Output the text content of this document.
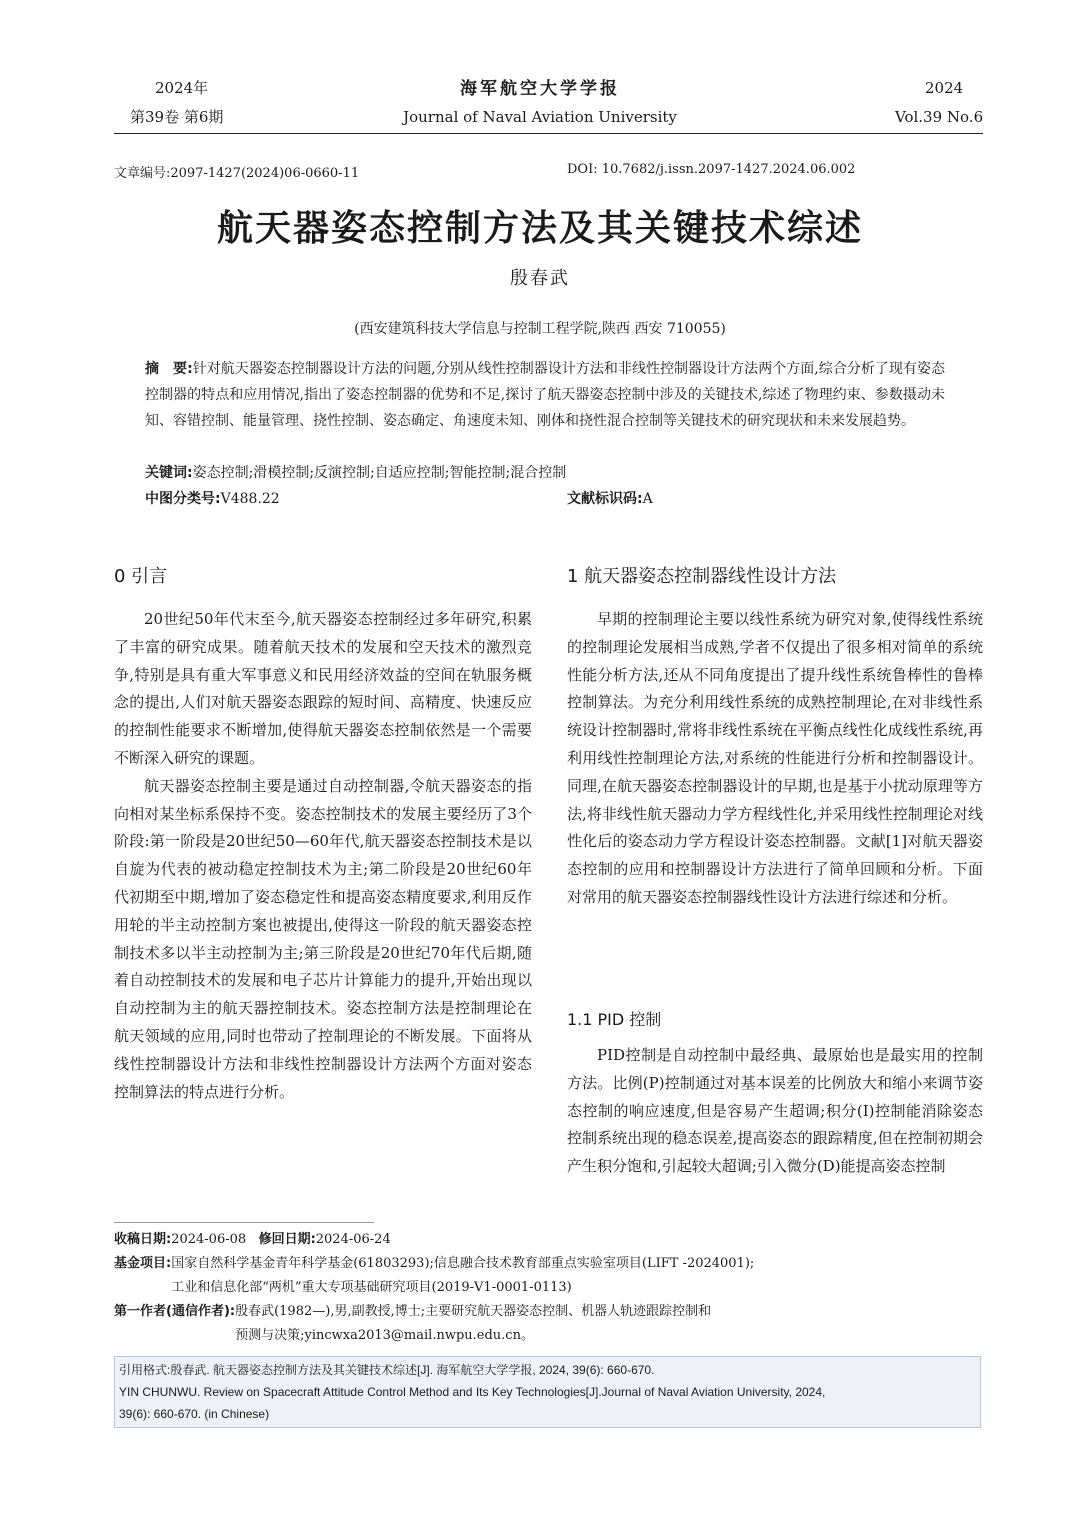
2024年
第39卷 第6期
海军航空大学学报
Journal of Naval Aviation University
2024
Vol.39 No.6
文章编号:2097-1427(2024)06-0660-11	DOI: 10.7682/j.issn.2097-1427.2024.06.002
航天器姿态控制方法及其关键技术综述
殷春武
(西安建筑科技大学信息与控制工程学院,陕西 西安 710055)
摘　要:针对航天器姿态控制器设计方法的问题,分别从线性控制器设计方法和非线性控制器设计方法两个方面,综合分析了现有姿态控制器的特点和应用情况,指出了姿态控制器的优势和不足,探讨了航天器姿态控制中涉及的关键技术,综述了物理约束、参数摄动未知、容错控制、能量管理、挠性控制、姿态确定、角速度未知、刚体和挠性混合控制等关键技术的研究现状和未来发展趋势。
关键词:姿态控制;滑模控制;反演控制;自适应控制;智能控制;混合控制
中图分类号:V488.22	文献标识码:A
0 引言

20世纪50年代末至今,航天器姿态控制经过多年研究,积累了丰富的研究成果。随着航天技术的发展和空天技术的激烈竞争,特别是具有重大军事意义和民用经济效益的空间在轨服务概念的提出,人们对航天器姿态跟踪的短时间、高精度、快速反应的控制性能要求不断增加,使得航天器姿态控制依然是一个需要不断深入研究的课题。

航天器姿态控制主要是通过自动控制器,令航天器姿态的指向相对某坐标系保持不变。姿态控制技术的发展主要经历了3个阶段:第一阶段是20世纪50—60年代,航天器姿态控制技术是以自旋为代表的被动稳定控制技术为主;第二阶段是20世纪60年代初期至中期,增加了姿态稳定性和提高姿态精度要求,利用反作用轮的半主动控制方案也被提出,使得这一阶段的航天器姿态控制技术多以半主动控制为主;第三阶段是20世纪70年代后期,随着自动控制技术的发展和电子芯片计算能力的提升,开始出现以自动控制为主的航天器控制技术。姿态控制方法是控制理论在航天领域的应用,同时也带动了控制理论的不断发展。下面将从线性控制器设计方法和非线性控制器设计方法两个方面对姿态控制算法的特点进行分析。

1 航天器姿态控制器线性设计方法

早期的控制理论主要以线性系统为研究对象,使得线性系统的控制理论发展相当成熟,学者不仅提出了很多相对简单的系统性能分析方法,还从不同角度提出了提升线性系统鲁棒性的鲁棒控制算法。为充分利用线性系统的成熟控制理论,在对非线性系统设计控制器时,常将非线性系统在平衡点线性化成线性系统,再利用线性控制理论方法,对系统的性能进行分析和控制器设计。同理,在航天器姿态控制器设计的早期,也是基于小扰动原理等方法,将非线性航天器动力学方程线性化,并采用线性控制理论对线性化后的姿态动力学方程设计姿态控制器。文献[1]对航天器姿态控制的应用和控制器设计方法进行了简单回顾和分析。下面对常用的航天器姿态控制器线性设计方法进行综述和分析。

1.1 PID 控制

PID控制是自动控制中最经典、最原始也是最实用的控制方法。比例(P)控制通过对基本误差的比例放大和缩小来调节姿态控制的响应速度,但是容易产生超调;积分(I)控制能消除姿态控制系统出现的稳态误差,提高姿态的跟踪精度,但在控制初期会产生积分饱和,引起较大超调;引入微分(D)能提高姿态控制

收稿日期:2024-06-08 修回日期:2024-06-24
基金项目: 国家自然科学基金青年科学基金(61803293);信息融合技术教育部重点实验室项目(LIFT -2024001);
工业和信息化部“两机”重大专项基础研究项目(2019-V1-0001-0113)
第一作者(通信作者): 殷春武(1982—),男,副教授,博士;主要研究航天器姿态控制、机器人轨迹跟踪控制和
预测与决策;yincwxa2013@mail.nwpu.edu.cn。
引用格式:殷春武. 航天器姿态控制方法及其关键技术综述[J]. 海军航空大学学报, 2024, 39(6): 660-670.
YIN CHUNWU. Review on Spacecraft Attitude Control Method and Its Key Technologies[J].Journal of Naval Aviation University, 2024,
39(6): 660-670. (in Chinese)
